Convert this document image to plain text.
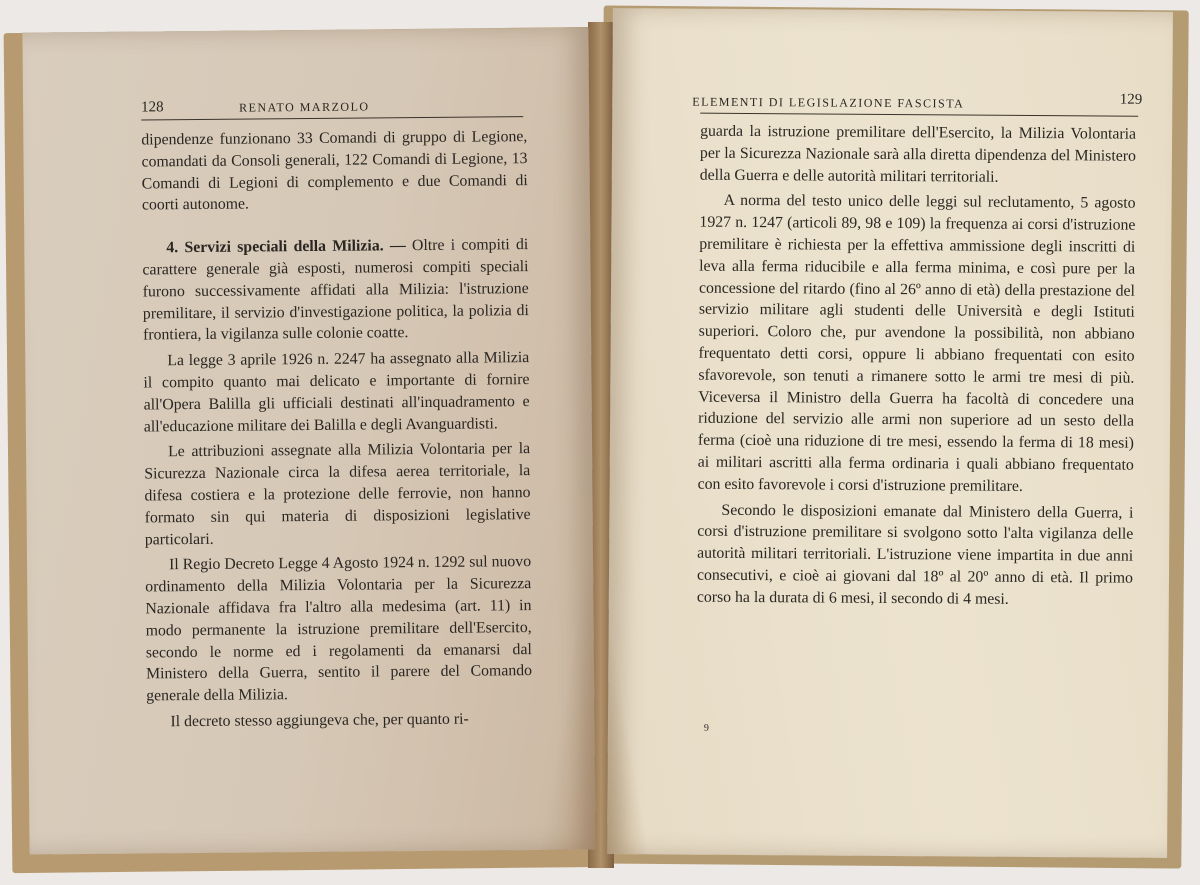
128	RENATO MARZOLO

dipendenze funzionano 33 Comandi di gruppo di Legione, comandati da Consoli generali, 122 Comandi di Legione, 13 Comandi di Legioni di complemento e due Comandi di coorti autonome.

4. Servizi speciali della Milizia. — Oltre i compiti di carattere generale già esposti, numerosi compiti speciali furono successivamente affidati alla Milizia: l'istruzione premilitare, il servizio d'investigazione politica, la polizia di frontiera, la vigilanza sulle colonie coatte.

La legge 3 aprile 1926 n. 2247 ha assegnato alla Milizia il compito quanto mai delicato e importante di fornire all'Opera Balilla gli ufficiali destinati all'inquadramento e all'educazione militare dei Balilla e degli Avanguardisti.

Le attribuzioni assegnate alla Milizia Volontaria per la Sicurezza Nazionale circa la difesa aerea territoriale, la difesa costiera e la protezione delle ferrovie, non hanno formato sin qui materia di disposizioni legislative particolari.

Il Regio Decreto Legge 4 Agosto 1924 n. 1292 sul nuovo ordinamento della Milizia Volontaria per la Sicurezza Nazionale affidava fra l'altro alla medesima (art. 11) in modo permanente la istruzione premilitare dell'Esercito, secondo le norme ed i regolamenti da emanarsi dal Ministero della Guerra, sentito il parere del Comando generale della Milizia.

Il decreto stesso aggiungeva che, per quanto ri-

ELEMENTI DI LEGISLAZIONE FASCISTA	129

guarda la istruzione premilitare dell'Esercito, la Milizia Volontaria per la Sicurezza Nazionale sarà alla diretta dipendenza del Ministero della Guerra e delle autorità militari territoriali.

A norma del testo unico delle leggi sul reclutamento, 5 agosto 1927 n. 1247 (articoli 89, 98 e 109) la frequenza ai corsi d'istruzione premilitare è richiesta per la effettiva ammissione degli inscritti di leva alla ferma riducibile e alla ferma minima, e così pure per la concessione del ritardo (fino al 26º anno di età) della prestazione del servizio militare agli studenti delle Università e degli Istituti superiori. Coloro che, pur avendone la possibilità, non abbiano frequentato detti corsi, oppure li abbiano frequentati con esito sfavorevole, son tenuti a rimanere sotto le armi tre mesi di più. Viceversa il Ministro della Guerra ha facoltà di concedere una riduzione del servizio alle armi non superiore ad un sesto della ferma (cioè una riduzione di tre mesi, essendo la ferma di 18 mesi) ai militari ascritti alla ferma ordinaria i quali abbiano frequentato con esito favorevole i corsi d'istruzione premilitare.

Secondo le disposizioni emanate dal Ministero della Guerra, i corsi d'istruzione premilitare si svolgono sotto l'alta vigilanza delle autorità militari territoriali. L'istruzione viene impartita in due anni consecutivi, e cioè ai giovani dal 18º al 20º anno di età. Il primo corso ha la durata di 6 mesi, il secondo di 4 mesi.

9
